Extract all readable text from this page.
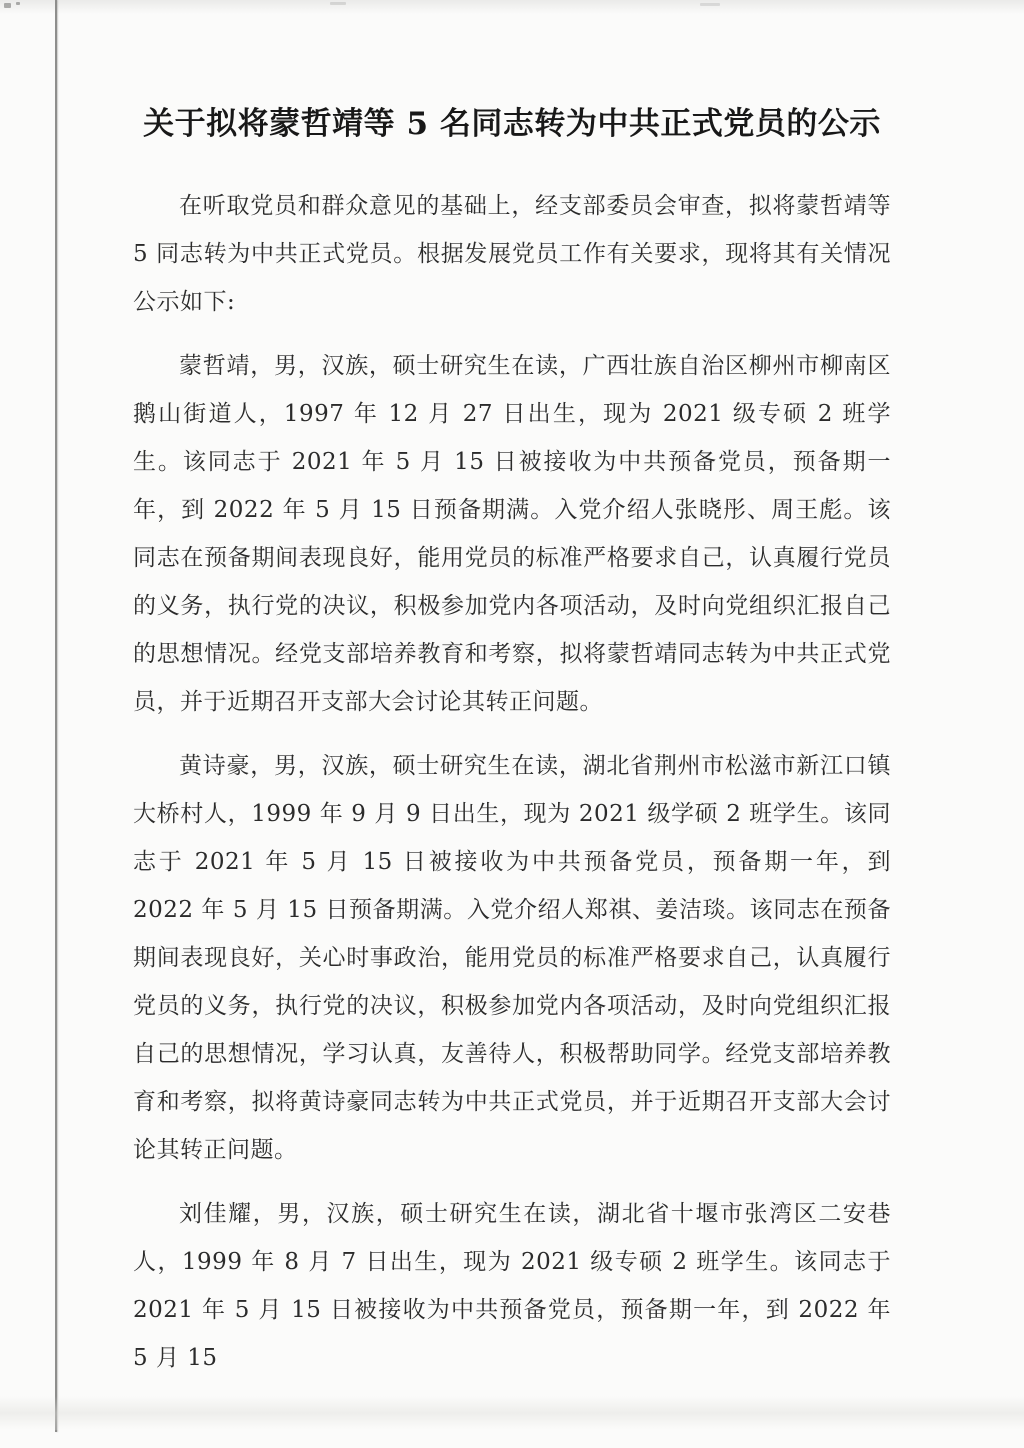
关于拟将蒙哲靖等 5 名同志转为中共正式党员的公示

在听取党员和群众意见的基础上，经支部委员会审查，拟将蒙哲靖等 5 同志转为中共正式党员。根据发展党员工作有关要求，现将其有关情况公示如下:

蒙哲靖，男，汉族，硕士研究生在读，广西壮族自治区柳州市柳南区鹅山街道人，1997 年 12 月 27 日出生，现为 2021 级专硕 2 班学生。该同志于 2021 年 5 月 15 日被接收为中共预备党员，预备期一年，到 2022 年 5 月 15 日预备期满。入党介绍人张晓彤、周王彪。该同志在预备期间表现良好，能用党员的标准严格要求自己，认真履行党员的义务，执行党的决议，积极参加党内各项活动，及时向党组织汇报自己的思想情况。经党支部培养教育和考察，拟将蒙哲靖同志转为中共正式党员，并于近期召开支部大会讨论其转正问题。

黄诗豪，男，汉族，硕士研究生在读，湖北省荆州市松滋市新江口镇大桥村人，1999 年 9 月 9 日出生，现为 2021 级学硕 2 班学生。该同志于 2021 年 5 月 15 日被接收为中共预备党员，预备期一年，到 2022 年 5 月 15 日预备期满。入党介绍人郑祺、姜洁琰。该同志在预备期间表现良好，关心时事政治，能用党员的标准严格要求自己，认真履行党员的义务，执行党的决议，积极参加党内各项活动，及时向党组织汇报自己的思想情况，学习认真，友善待人，积极帮助同学。经党支部培养教育和考察，拟将黄诗豪同志转为中共正式党员，并于近期召开支部大会讨论其转正问题。

刘佳耀，男，汉族，硕士研究生在读，湖北省十堰市张湾区二安巷人，1999 年 8 月 7 日出生，现为 2021 级专硕 2 班学生。该同志于 2021 年 5 月 15 日被接收为中共预备党员，预备期一年，到 2022 年 5 月 15
